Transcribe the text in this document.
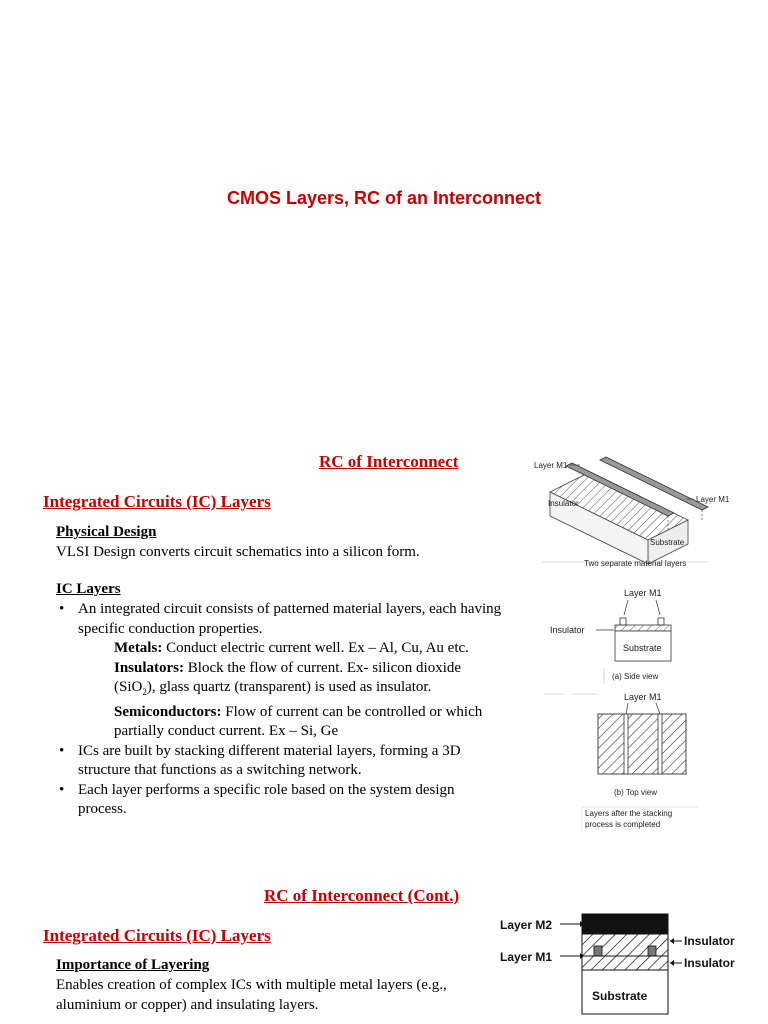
CMOS Layers, RC of an Interconnect
RC of Interconnect
Integrated Circuits (IC) Layers
Physical Design
VLSI Design converts circuit schematics into a silicon form.
IC Layers
• An integrated circuit consists of patterned material layers, each having specific conduction properties.
Metals: Conduct electric current well. Ex – Al, Cu, Au etc.
Insulators: Block the flow of current. Ex- silicon dioxide (SiO$_2$), glass quartz (transparent) is used as insulator.
Semiconductors: Flow of current can be controlled or which partially conduct current. Ex – Si, Ge
• ICs are built by stacking different material layers, forming a 3D structure that functions as a switching network.
• Each layer performs a specific role based on the system design process.
Layer M1
Insulator	Layer M1
Substrate
Two separate material layers
Layer M1
Substrate
Insulator
(a) Side view
Layer M1
(b) Top view
Layers after the stacking
process is completed
RC of Interconnect (Cont.)
Integrated Circuits (IC) Layers
Importance of Layering
Enables creation of complex ICs with multiple metal layers (e.g., aluminium or copper) and insulating layers.
Substrate
Layer M2
Layer M1
Insulator
Insulator
